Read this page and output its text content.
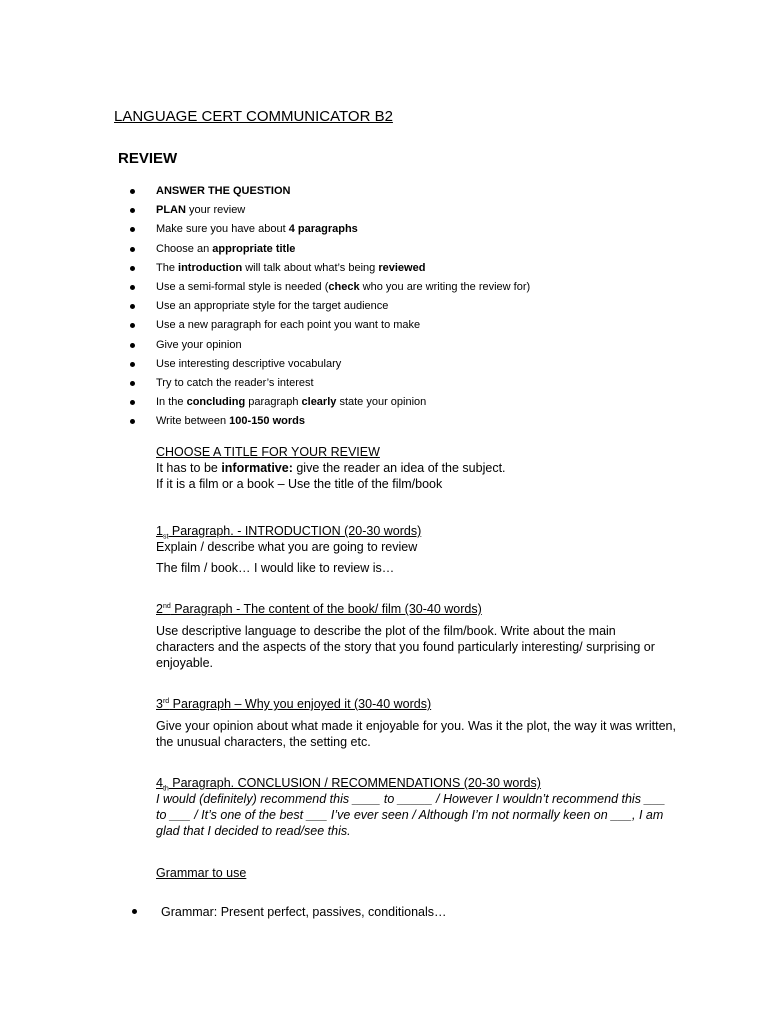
LANGUAGE CERT COMMUNICATOR B2
REVIEW
ANSWER THE QUESTION
PLAN your review
Make sure you have about 4 paragraphs
Choose an appropriate title
The introduction will talk about what’s being reviewed
Use a semi-formal style is needed (check who you are writing the review for)
Use an appropriate style for the target audience
Use a new paragraph for each point you want to make
Give your opinion
Use interesting descriptive vocabulary
Try to catch the reader’s interest
In the concluding paragraph clearly state your opinion
Write between 100-150 words
CHOOSE A TITLE FOR YOUR REVIEW
It has to be informative: give the reader an idea of the subject.
If it is a film or a book – Use the title of the film/book
$1_{st}$ Paragraph. - INTRODUCTION (20-30 words)
Explain / describe what you are going to review
The film / book… I would like to review is…
2nd Paragraph - The content of the book/ film (30-40 words)
Use descriptive language to describe the plot of the film/book. Write about the main characters and the aspects of the story that you found particularly interesting/ surprising or enjoyable.
3rd Paragraph – Why you enjoyed it (30-40 words)
Give your opinion about what made it enjoyable for you. Was it the plot, the way it was written, the unusual characters, the setting etc.
$4_{th}$ Paragraph. CONCLUSION / RECOMMENDATIONS (20-30 words)
I would (definitely) recommend this ____ to _____ / However I wouldn’t recommend this ___ to ___ / It’s one of the best ___ I’ve ever seen / Although I’m not normally keen on ___, I am glad that I decided to read/see this.
Grammar to use
Grammar: Present perfect, passives, conditionals…
